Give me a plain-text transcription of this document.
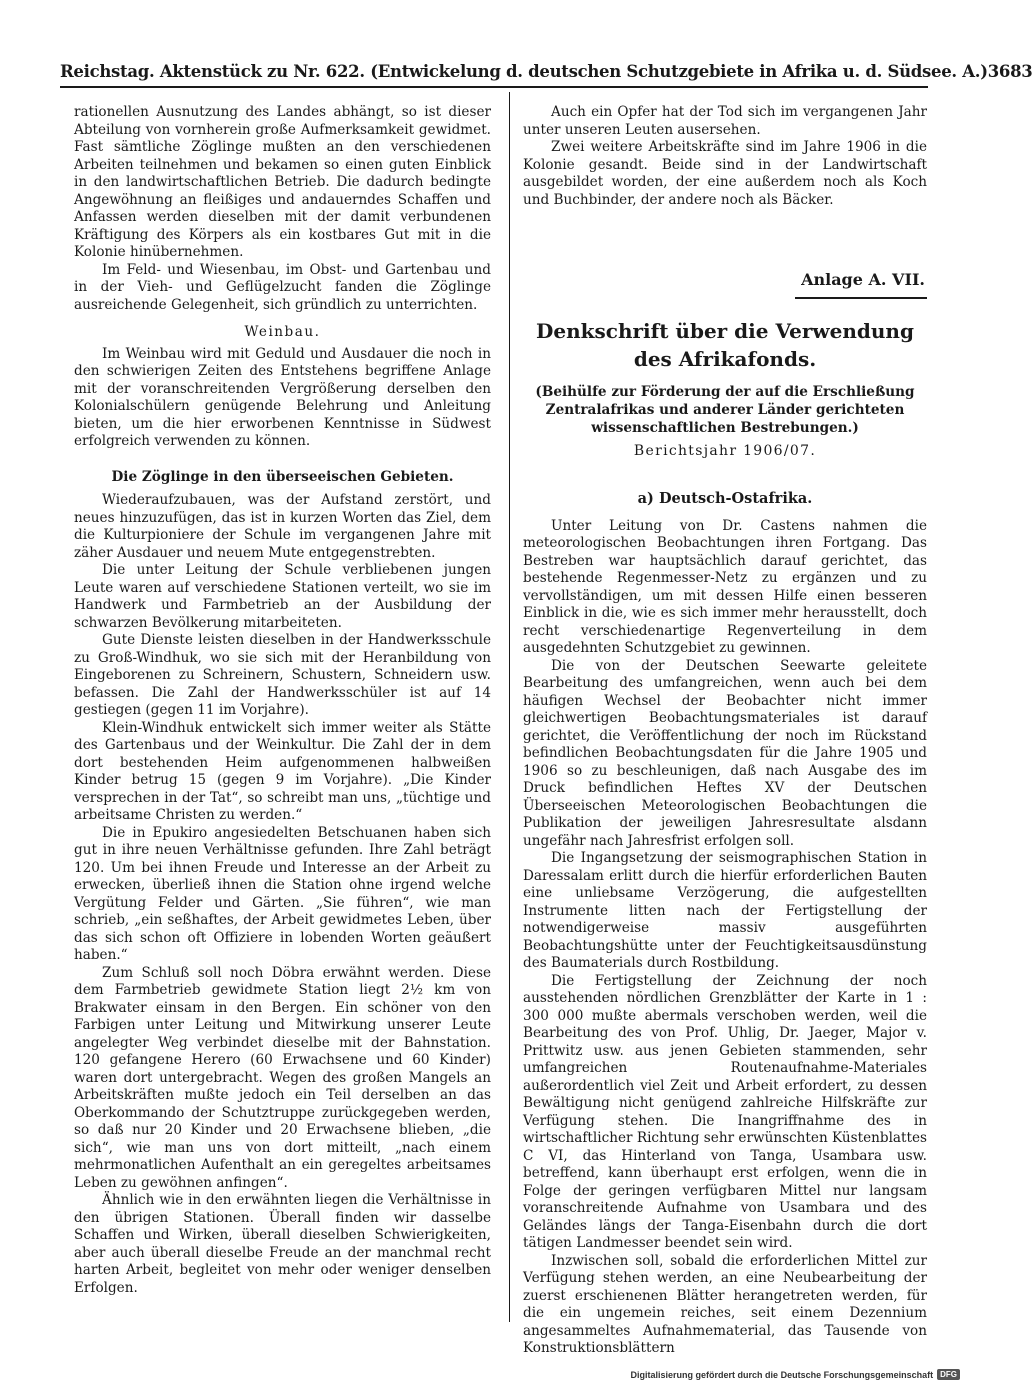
Reichstag. Aktenstück zu Nr. 622. (Entwickelung d. deutschen Schutzgebiete in Afrika u. d. Südsee. A.) 3683

rationellen Ausnutzung des Landes abhängt, so ist dieser Abteilung von vornherein große Aufmerksamkeit gewidmet. Fast sämtliche Zöglinge mußten an den verschiedenen Arbeiten teilnehmen und bekamen so einen guten Einblick in den landwirtschaftlichen Betrieb. Die dadurch bedingte Angewöhnung an fleißiges und andauerndes Schaffen und Anfassen werden dieselben mit der damit verbundenen Kräftigung des Körpers als ein kostbares Gut mit in die Kolonie hinübernehmen.

Im Feld- und Wiesenbau, im Obst- und Gartenbau und in der Vieh- und Geflügelzucht fanden die Zöglinge ausreichende Gelegenheit, sich gründlich zu unterrichten.

Weinbau.

Im Weinbau wird mit Geduld und Ausdauer die noch in den schwierigen Zeiten des Entstehens begriffene Anlage mit der voranschreitenden Vergrößerung derselben den Kolonialschülern genügende Belehrung und Anleitung bieten, um die hier erworbenen Kenntnisse in Südwest erfolgreich verwenden zu können.

Die Zöglinge in den überseeischen Gebieten.

Wiederaufzubauen, was der Aufstand zerstört, und neues hinzuzufügen, das ist in kurzen Worten das Ziel, dem die Kulturpioniere der Schule im vergangenen Jahre mit zäher Ausdauer und neuem Mute entgegenstrebten.

Die unter Leitung der Schule verbliebenen jungen Leute waren auf verschiedene Stationen verteilt, wo sie im Handwerk und Farmbetrieb an der Ausbildung der schwarzen Bevölkerung mitarbeiteten.

Gute Dienste leisten dieselben in der Handwerksschule zu Groß-Windhuk, wo sie sich mit der Heranbildung von Eingeborenen zu Schreinern, Schustern, Schneidern usw. befassen. Die Zahl der Handwerksschüler ist auf 14 gestiegen (gegen 11 im Vorjahre).

Klein-Windhuk entwickelt sich immer weiter als Stätte des Gartenbaus und der Weinkultur. Die Zahl der in dem dort bestehenden Heim aufgenommenen halbweißen Kinder betrug 15 (gegen 9 im Vorjahre). „Die Kinder versprechen in der Tat“, so schreibt man uns, „tüchtige und arbeitsame Christen zu werden.“

Die in Epukiro angesiedelten Betschuanen haben sich gut in ihre neuen Verhältnisse gefunden. Ihre Zahl beträgt 120. Um bei ihnen Freude und Interesse an der Arbeit zu erwecken, überließ ihnen die Station ohne irgend welche Vergütung Felder und Gärten. „Sie führen“, wie man schrieb, „ein seßhaftes, der Arbeit gewidmetes Leben, über das sich schon oft Offiziere in lobenden Worten geäußert haben.“

Zum Schluß soll noch Döbra erwähnt werden. Diese dem Farmbetrieb gewidmete Station liegt 2½ km von Brakwater einsam in den Bergen. Ein schöner von den Farbigen unter Leitung und Mitwirkung unserer Leute angelegter Weg verbindet dieselbe mit der Bahnstation. 120 gefangene Herero (60 Erwachsene und 60 Kinder) waren dort untergebracht. Wegen des großen Mangels an Arbeitskräften mußte jedoch ein Teil derselben an das Oberkommando der Schutztruppe zurückgegeben werden, so daß nur 20 Kinder und 20 Erwachsene blieben, „die sich“, wie man uns von dort mitteilt, „nach einem mehrmonatlichen Aufenthalt an ein geregeltes arbeitsames Leben zu gewöhnen anfingen“.

Ähnlich wie in den erwähnten liegen die Verhältnisse in den übrigen Stationen. Überall finden wir dasselbe Schaffen und Wirken, überall dieselben Schwierigkeiten, aber auch überall dieselbe Freude an der manchmal recht harten Arbeit, begleitet von mehr oder weniger denselben Erfolgen.

Auch ein Opfer hat der Tod sich im vergangenen Jahr unter unseren Leuten ausersehen.

Zwei weitere Arbeitskräfte sind im Jahre 1906 in die Kolonie gesandt. Beide sind in der Landwirtschaft ausgebildet worden, der eine außerdem noch als Koch und Buchbinder, der andere noch als Bäcker.

Anlage A. VII.
Denkschrift über die Verwendung des Afrikafonds.
(Beihülfe zur Förderung der auf die Erschließung Zentralafrikas und anderer Länder gerichteten wissenschaftlichen Bestrebungen.)
Berichtsjahr 1906/07.
a) Deutsch-Ostafrika.

Unter Leitung von Dr. Castens nahmen die meteorologischen Beobachtungen ihren Fortgang. Das Bestreben war hauptsächlich darauf gerichtet, das bestehende Regenmesser-Netz zu ergänzen und zu vervollständigen, um mit dessen Hilfe einen besseren Einblick in die, wie es sich immer mehr herausstellt, doch recht verschiedenartige Regenverteilung in dem ausgedehnten Schutzgebiet zu gewinnen.

Die von der Deutschen Seewarte geleitete Bearbeitung des umfangreichen, wenn auch bei dem häufigen Wechsel der Beobachter nicht immer gleichwertigen Beobachtungsmateriales ist darauf gerichtet, die Veröffentlichung der noch im Rückstand befindlichen Beobachtungsdaten für die Jahre 1905 und 1906 so zu beschleunigen, daß nach Ausgabe des im Druck befindlichen Heftes XV der Deutschen Überseeischen Meteorologischen Beobachtungen die Publikation der jeweiligen Jahresresultate alsdann ungefähr nach Jahresfrist erfolgen soll.

Die Ingangsetzung der seismographischen Station in Daressalam erlitt durch die hierfür erforderlichen Bauten eine unliebsame Verzögerung, die aufgestellten Instrumente litten nach der Fertigstellung der notwendigerweise massiv ausgeführten Beobachtungshütte unter der Feuchtigkeitsausdünstung des Baumaterials durch Rostbildung.

Die Fertigstellung der Zeichnung der noch ausstehenden nördlichen Grenzblätter der Karte in 1 : 300 000 mußte abermals verschoben werden, weil die Bearbeitung des von Prof. Uhlig, Dr. Jaeger, Major v. Prittwitz usw. aus jenen Gebieten stammenden, sehr umfangreichen Routenaufnahme-Materiales außerordentlich viel Zeit und Arbeit erfordert, zu dessen Bewältigung nicht genügend zahlreiche Hilfskräfte zur Verfügung stehen. Die Inangriffnahme des in wirtschaftlicher Richtung sehr erwünschten Küstenblattes C VI, das Hinterland von Tanga, Usambara usw. betreffend, kann überhaupt erst erfolgen, wenn die in Folge der geringen verfügbaren Mittel nur langsam voranschreitende Aufnahme von Usambara und des Geländes längs der Tanga-Eisenbahn durch die dort tätigen Landmesser beendet sein wird.

Inzwischen soll, sobald die erforderlichen Mittel zur Verfügung stehen werden, an eine Neubearbeitung der zuerst erschienenen Blätter herangetreten werden, für die ein ungemein reiches, seit einem Dezennium angesammeltes Aufnahmematerial, das Tausende von Konstruktionsblättern

Digitalisierung gefördert durch die Deutsche Forschungsgemeinschaft DFG
